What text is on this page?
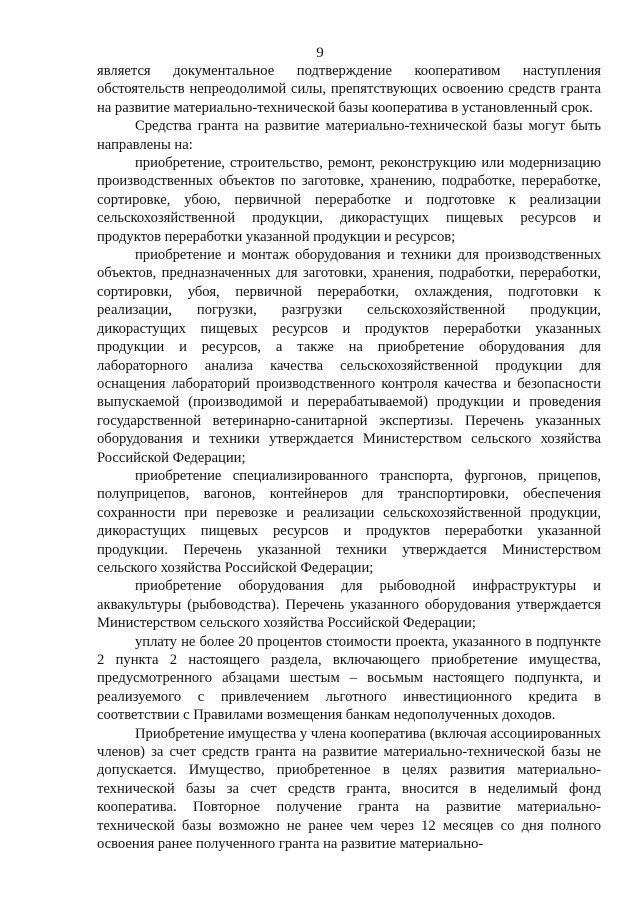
9

является документальное подтверждение кооперативом наступления обстоятельств непреодолимой силы, препятствующих освоению средств гранта на развитие материально-технической базы кооператива в установленный срок.

Средства гранта на развитие материально-технической базы могут быть направлены на:

приобретение, строительство, ремонт, реконструкцию или модернизацию производственных объектов по заготовке, хранению, подработке, переработке, сортировке, убою, первичной переработке и подготовке к реализации сельскохозяйственной продукции, дикорастущих пищевых ресурсов и продуктов переработки указанной продукции и ресурсов;

приобретение и монтаж оборудования и техники для производственных объектов, предназначенных для заготовки, хранения, подработки, переработки, сортировки, убоя, первичной переработки, охлаждения, подготовки к реализации, погрузки, разгрузки сельскохозяйственной продукции, дикорастущих пищевых ресурсов и продуктов переработки указанных продукции и ресурсов, а также на приобретение оборудования для лабораторного анализа качества сельскохозяйственной продукции для оснащения лабораторий производственного контроля качества и безопасности выпускаемой (производимой и перерабатываемой) продукции и проведения государственной ветеринарно-санитарной экспертизы. Перечень указанных оборудования и техники утверждается Министерством сельского хозяйства Российской Федерации;

приобретение специализированного транспорта, фургонов, прицепов, полуприцепов, вагонов, контейнеров для транспортировки, обеспечения сохранности при перевозке и реализации сельскохозяйственной продукции, дикорастущих пищевых ресурсов и продуктов переработки указанной продукции. Перечень указанной техники утверждается Министерством сельского хозяйства Российской Федерации;

приобретение оборудования для рыбоводной инфраструктуры и аквакультуры (рыбоводства). Перечень указанного оборудования утверждается Министерством сельского хозяйства Российской Федерации;

уплату не более 20 процентов стоимости проекта, указанного в подпункте 2 пункта 2 настоящего раздела, включающего приобретение имущества, предусмотренного абзацами шестым – восьмым настоящего подпункта, и реализуемого с привлечением льготного инвестиционного кредита в соответствии с Правилами возмещения банкам недополученных доходов.

Приобретение имущества у члена кооператива (включая ассоциированных членов) за счет средств гранта на развитие материально-технической базы не допускается. Имущество, приобретенное в целях развития материально-технической базы за счет средств гранта, вносится в неделимый фонд кооператива. Повторное получение гранта на развитие материально-технической базы возможно не ранее чем через 12 месяцев со дня полного освоения ранее полученного гранта на развитие материально-
